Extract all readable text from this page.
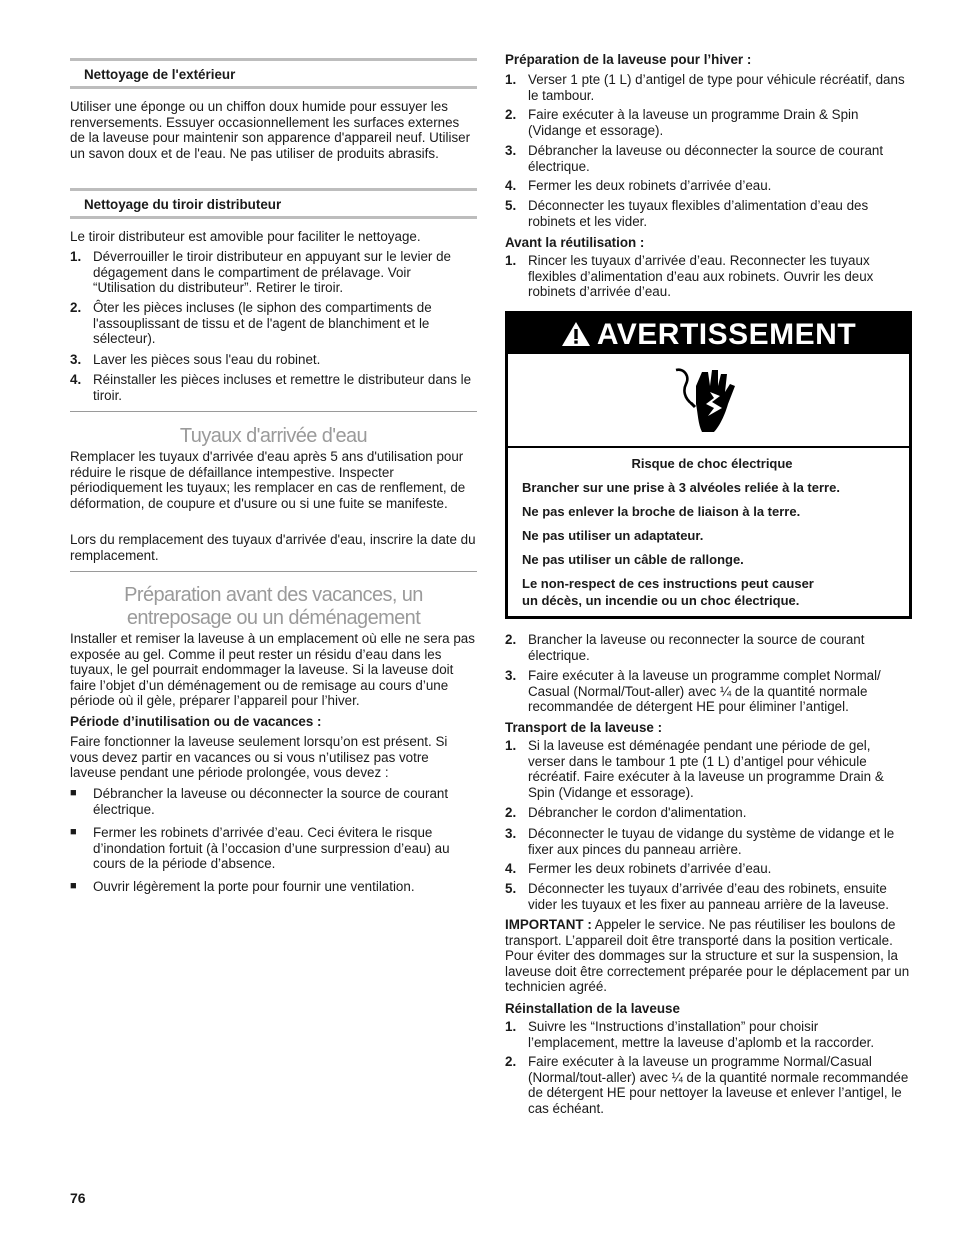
Nettoyage de l'extérieur
Utiliser une éponge ou un chiffon doux humide pour essuyer les renversements. Essuyer occasionnellement les surfaces externes de la laveuse pour maintenir son apparence d'appareil neuf. Utiliser un savon doux et de l'eau. Ne pas utiliser de produits abrasifs.
Nettoyage du tiroir distributeur
Le tiroir distributeur est amovible pour faciliter le nettoyage.
1. Déverrouiller le tiroir distributeur en appuyant sur le levier de dégagement dans le compartiment de prélavage. Voir “Utilisation du distributeur”. Retirer le tiroir.
2. Ôter les pièces incluses (le siphon des compartiments de l'assouplissant de tissu et de l'agent de blanchiment et le sélecteur).
3. Laver les pièces sous l'eau du robinet.
4. Réinstaller les pièces incluses et remettre le distributeur dans le tiroir.
Tuyaux d'arrivée d'eau
Remplacer les tuyaux d'arrivée d'eau après 5 ans d'utilisation pour réduire le risque de défaillance intempestive. Inspecter périodiquement les tuyaux; les remplacer en cas de renflement, de déformation, de coupure et d'usure ou si une fuite se manifeste.
Lors du remplacement des tuyaux d'arrivée d'eau, inscrire la date du remplacement.
Préparation avant des vacances, un
entreposage ou un déménagement
Installer et remiser la laveuse à un emplacement où elle ne sera pas exposée au gel. Comme il peut rester un résidu d’eau dans les tuyaux, le gel pourrait endommager la laveuse. Si la laveuse doit faire l’objet d’un déménagement ou de remisage au cours d’une période où il gèle, préparer l’appareil pour l’hiver.
Période d’inutilisation ou de vacances :
Faire fonctionner la laveuse seulement lorsqu’on est présent. Si vous devez partir en vacances ou si vous n’utilisez pas votre laveuse pendant une période prolongée, vous devez :
■ Débrancher la laveuse ou déconnecter la source de courant électrique.
■ Fermer les robinets d’arrivée d’eau. Ceci évitera le risque d’inondation fortuit (à l’occasion d’une surpression d’eau) au cours de la période d’absence.
■ Ouvrir légèrement la porte pour fournir une ventilation.
Préparation de la laveuse pour l’hiver :
1. Verser 1 pte (1 L) d’antigel de type pour véhicule récréatif, dans le tambour.
2. Faire exécuter à la laveuse un programme Drain & Spin (Vidange et essorage).
3. Débrancher la laveuse ou déconnecter la source de courant électrique.
4. Fermer les deux robinets d’arrivée d’eau.
5. Déconnecter les tuyaux flexibles d’alimentation d’eau des robinets et les vider.
Avant la réutilisation :
1. Rincer les tuyaux d’arrivée d’eau. Reconnecter les tuyaux flexibles d’alimentation d’eau aux robinets. Ouvrir les deux robinets d’arrivée d’eau.
AVERTISSEMENT
Risque de choc électrique
Brancher sur une prise à 3 alvéoles reliée à la terre.
Ne pas enlever la broche de liaison à la terre.
Ne pas utiliser un adaptateur.
Ne pas utiliser un câble de rallonge.
Le non-respect de ces instructions peut causer
un décès, un incendie ou un choc électrique.
2. Brancher la laveuse ou reconnecter la source de courant électrique.
3. Faire exécuter à la laveuse un programme complet Normal/ Casual (Normal/Tout-aller) avec ¼ de la quantité normale recommandée de détergent HE pour éliminer l’antigel.
Transport de la laveuse :
1. Si la laveuse est déménagée pendant une période de gel, verser dans le tambour 1 pte (1 L) d’antigel pour véhicule récréatif. Faire exécuter à la laveuse un programme Drain & Spin (Vidange et essorage).
2. Débrancher le cordon d'alimentation.
3. Déconnecter le tuyau de vidange du système de vidange et le fixer aux pinces du panneau arrière.
4. Fermer les deux robinets d’arrivée d’eau.
5. Déconnecter les tuyaux d’arrivée d’eau des robinets, ensuite vider les tuyaux et les fixer au panneau arrière de la laveuse.
IMPORTANT : Appeler le service. Ne pas réutiliser les boulons de transport. L’appareil doit être transporté dans la position verticale. Pour éviter des dommages sur la structure et sur la suspension, la laveuse doit être correctement préparée pour le déplacement par un technicien agréé.
Réinstallation de la laveuse
1. Suivre les “Instructions d’installation” pour choisir l’emplacement, mettre la laveuse d’aplomb et la raccorder.
2. Faire exécuter à la laveuse un programme Normal/Casual (Normal/tout-aller) avec ¼ de la quantité normale recommandée de détergent HE pour nettoyer la laveuse et enlever l’antigel, le cas échéant.
76
